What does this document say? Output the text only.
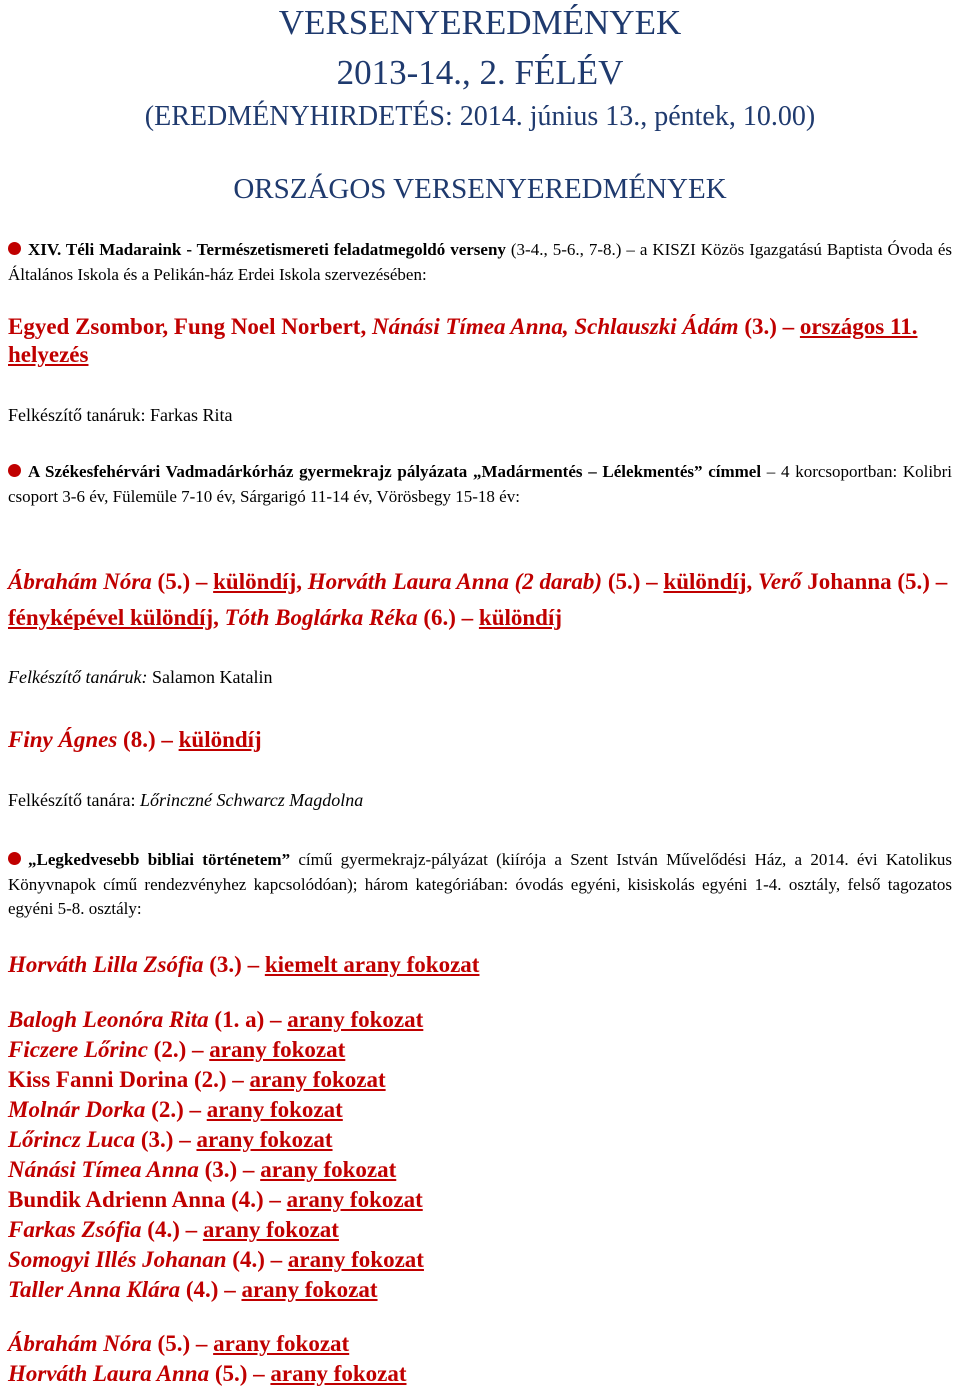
VERSENYEREDMÉNYEK
2013-14., 2. FÉLÉV
(EREDMÉNYHIRDETÉS: 2014. június 13., péntek, 10.00)
ORSZÁGOS VERSENYEREDMÉNYEK
XIV. Téli Madaraink - Természetismereti feladatmegoldó verseny (3-4., 5-6., 7-8.) – a KISZI Közös Igazgatású Baptista Óvoda és Általános Iskola és a Pelikán-ház Erdei Iskola szervezésében:
Egyed Zsombor, Fung Noel Norbert, Nánási Tímea Anna, Schlauszki Ádám (3.) – országos 11. helyezés
Felkészítő tanáruk: Farkas Rita
A Székesfehérvári Vadmadárkórház gyermekrajz pályázata „Madármentés – Lélekmentés” címmel – 4 korcsoportban: Kolibri csoport 3-6 év, Fülemüle 7-10 év, Sárgarigó 11-14 év, Vörösbegy 15-18 év:
Ábrahám Nóra (5.) – különdíj, Horváth Laura Anna (2 darab) (5.) – különdíj, Verő Johanna (5.) – fényképével különdíj, Tóth Boglárka Réka (6.) – különdíj
Felkészítő tanáruk: Salamon Katalin
Finy Ágnes (8.) – különdíj
Felkészítő tanára: Lőrinczné Schwarcz Magdolna
„Legkedvesebb bibliai történetem” című gyermekrajz-pályázat (kiírója a Szent István Művelődési Ház, a 2014. évi Katolikus Könyvnapok című rendezvényhez kapcsolódóan); három kategóriában: óvodás egyéni, kisiskolás egyéni 1-4. osztály, felső tagozatos egyéni 5-8. osztály:
Horváth Lilla Zsófia (3.) – kiemelt arany fokozat
Balogh Leonóra Rita (1. a) – arany fokozat
Ficzere Lőrinc (2.) – arany fokozat
Kiss Fanni Dorina (2.) – arany fokozat
Molnár Dorka (2.) – arany fokozat
Lőrincz Luca (3.) – arany fokozat
Nánási Tímea Anna (3.) – arany fokozat
Bundik Adrienn Anna (4.) – arany fokozat
Farkas Zsófia (4.) – arany fokozat
Somogyi Illés Johanan (4.) – arany fokozat
Taller Anna Klára (4.) – arany fokozat
Ábrahám Nóra (5.) – arany fokozat
Horváth Laura Anna (5.) – arany fokozat
